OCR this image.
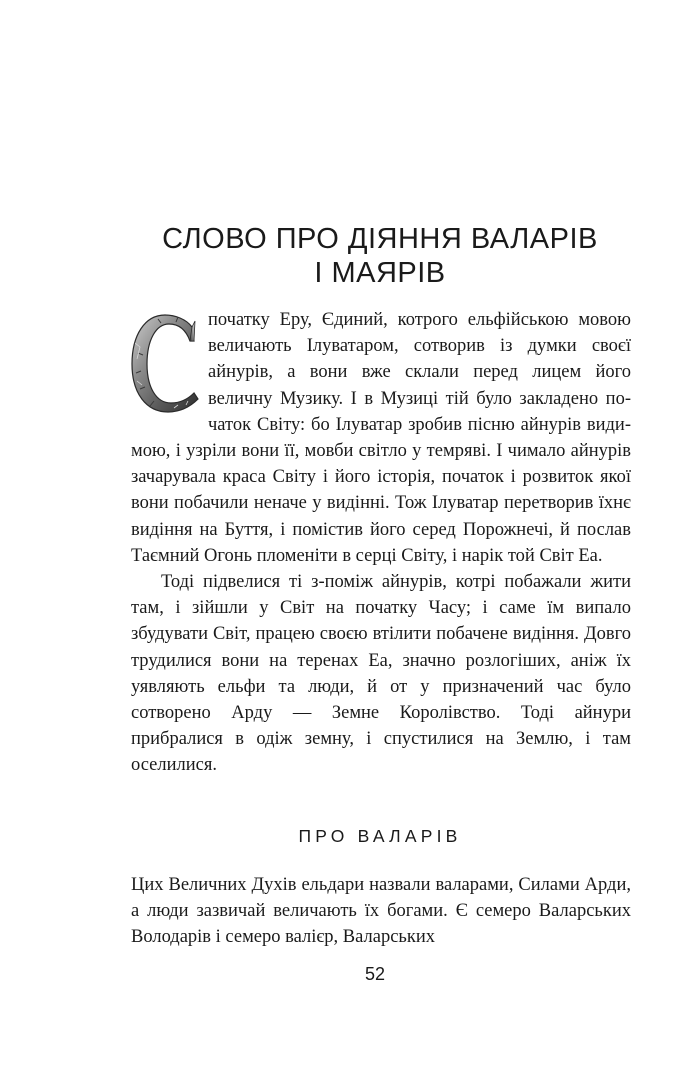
СЛОВО ПРО ДІЯННЯ ВАЛАРІВ
І МАЯРІВ

початку Еру, Єдиний, котрого ельфійською мовою величають Ілуватаром, сотворив із думки своєї айнурів, а вони вже склали перед лицем його величну Музику. І в Музиці тій було закладено початок Світу: бо Ілуватар зробив пісню айнурів видимою, і узріли вони її, мовби світло у темряві. І чимало айнурів зачарувала краса Світу і його історія, початок і розвиток якої вони побачили неначе у видінні. Тож Ілуватар перетворив їхнє видіння на Буття, і помістив його серед Порожнечі, й послав Таємний Огонь пломеніти в серці Світу, і нарік той Світ Еа.

Тоді підвелися ті з-поміж айнурів, котрі побажали жити там, і зійшли у Світ на початку Часу; і саме їм випало збудувати Світ, працею своєю втілити побачене видіння. Довго трудилися вони на теренах Еа, значно розлогіших, аніж їх уявляють ельфи та люди, й от у призначений час було сотворено Арду — Земне Королівство. Тоді айнури прибралися в одіж земну, і спустилися на Землю, і там оселилися.

ПРО ВАЛАРІВ

Цих Величних Духів ельдари назвали валарами, Силами Арди, а люди зазвичай величають їх богами. Є семеро Валарських Володарів і семеро валієр, Валарських

52
